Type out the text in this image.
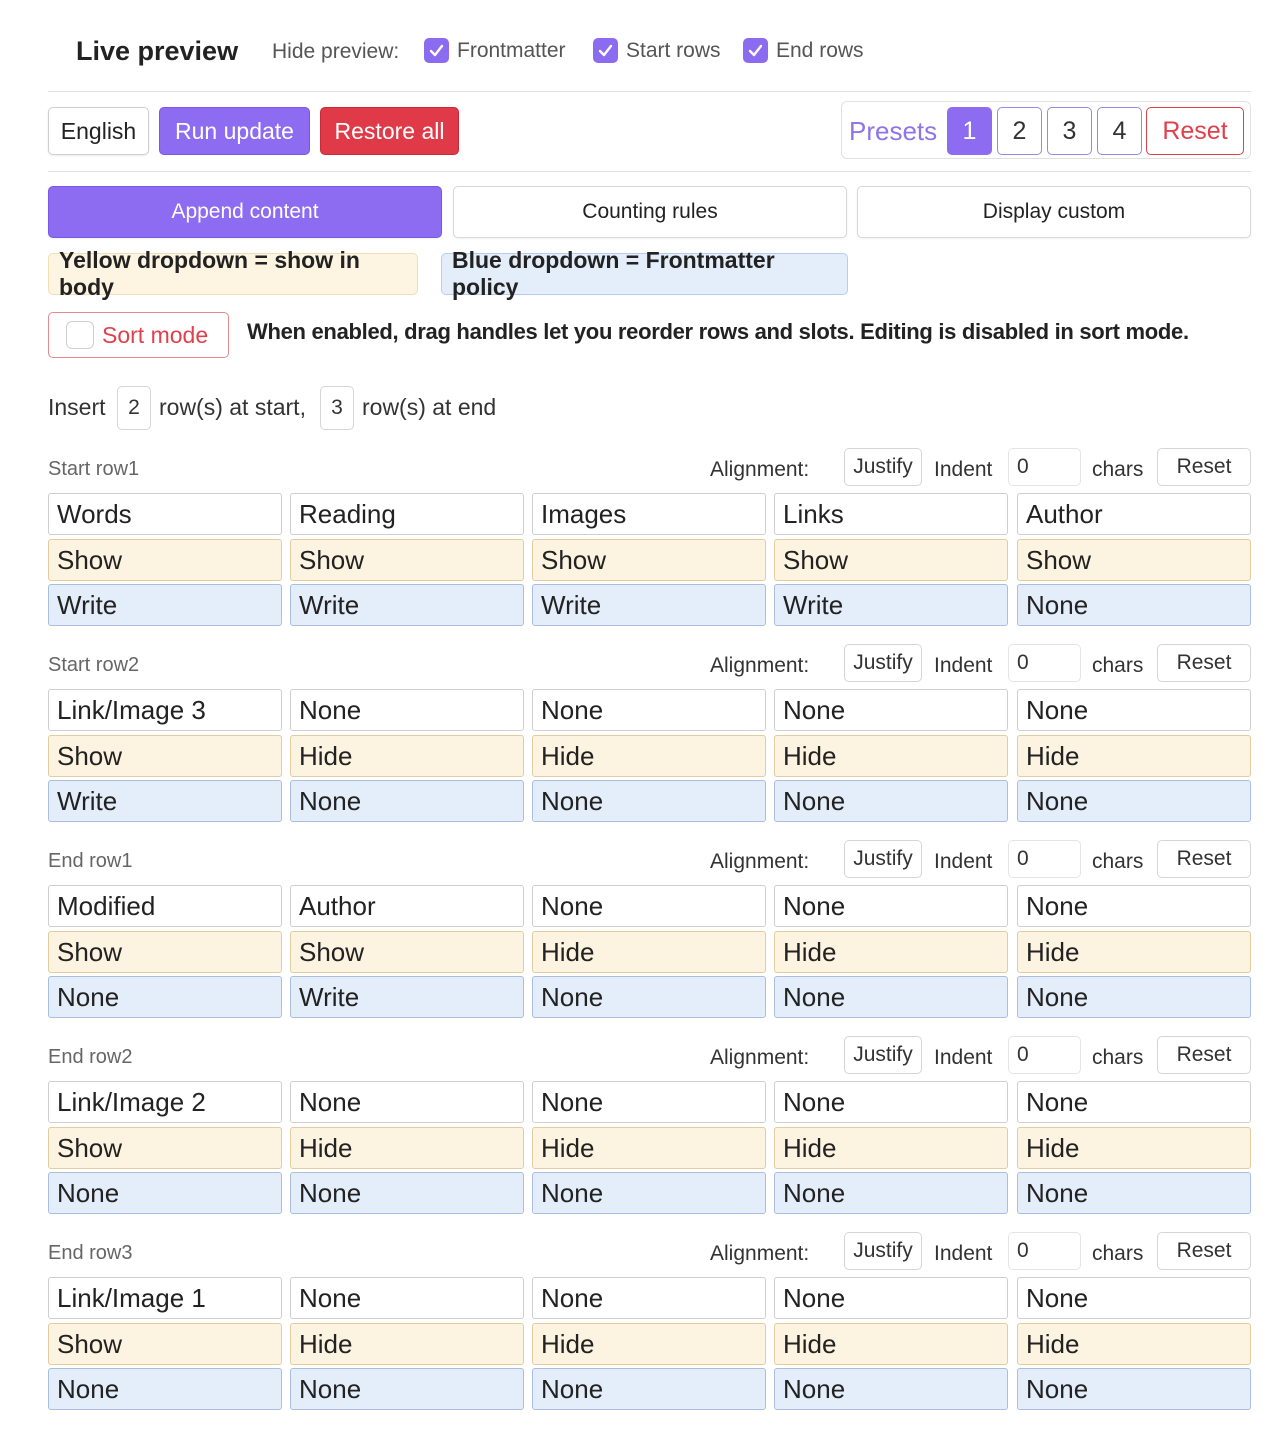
Live preview Hide preview:	Frontmatter	Start rows	End rows
English	Run update	Restore all	Presets	1	2	3	4	Reset
Append content	Counting rules	Display custom
Yellow dropdown = show in body
Blue dropdown = Frontmatter policy
Sort mode When enabled, drag handles let you reorder rows and slots. Editing is disabled in sort mode.
Insert	2 row(s) at start,	3 row(s) at end
Start row1	Alignment:	Justify	Indent	0	chars	Reset
Words	Reading	Images	Links	Author
Show	Show	Show	Show	Show
Write	Write	Write	Write	None
Start row2	Alignment:	Justify	Indent	0	chars	Reset
Link/Image 3	None	None	None	None
Show	Hide	Hide	Hide	Hide
Write	None	None	None	None
End row1	Alignment:	Justify	Indent	0	chars	Reset
Modified	Author	None	None	None
Show	Show	Hide	Hide	Hide
None	Write	None	None	None
End row2	Alignment:	Justify	Indent	0	chars	Reset
Link/Image 2	None	None	None	None
Show	Hide	Hide	Hide	Hide
None	None	None	None	None
End row3	Alignment:	Justify	Indent	0	chars	Reset
Link/Image 1	None	None	None	None
Show	Hide	Hide	Hide	Hide
None	None	None	None	None
